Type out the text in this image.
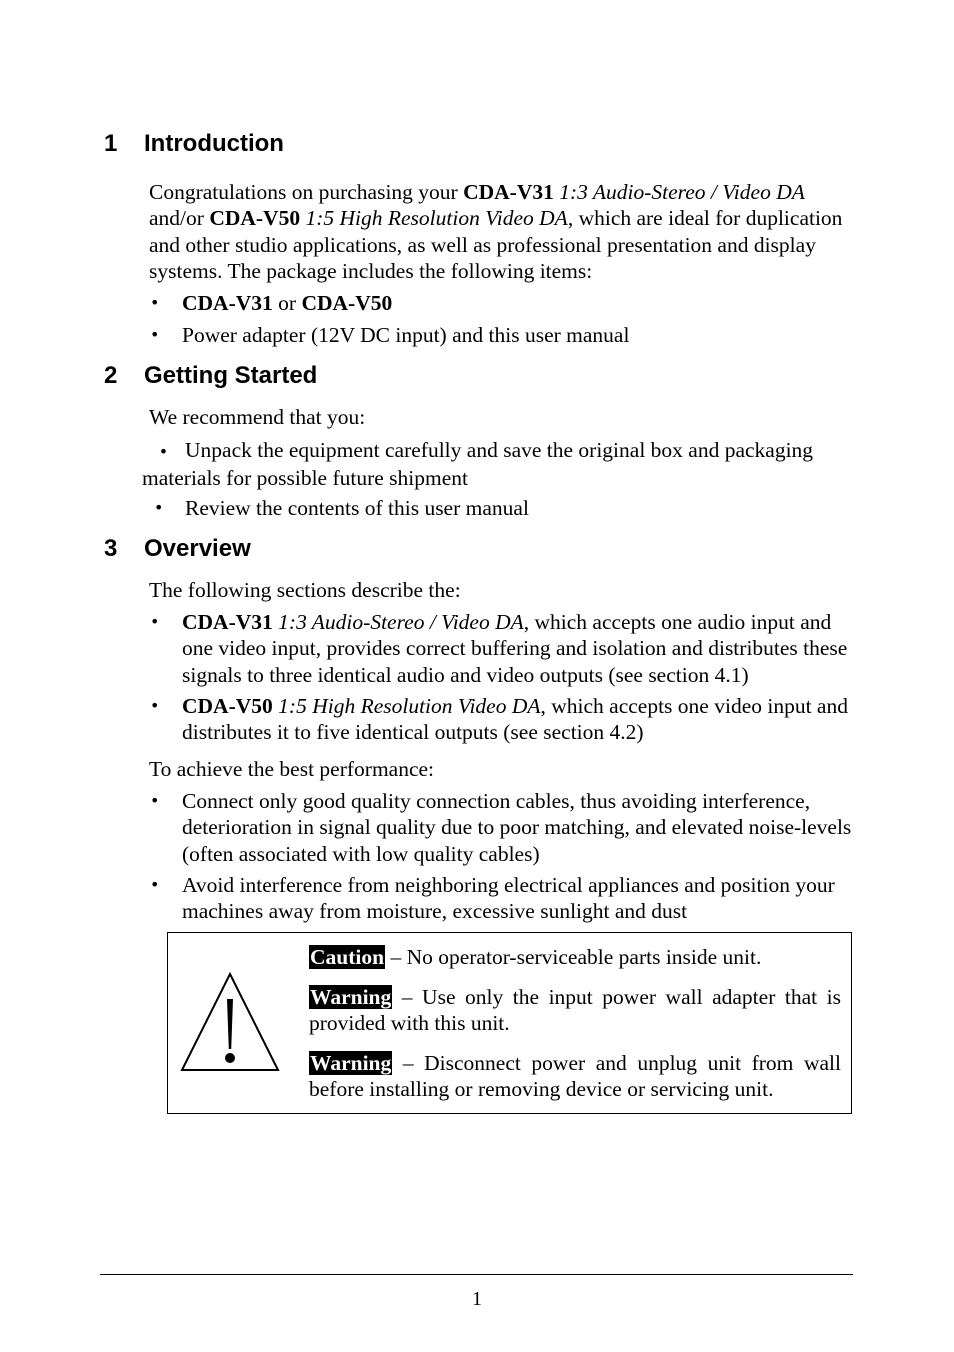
1 Introduction
Congratulations on purchasing your CDA-V31 1:3 Audio-Stereo / Video DA and/or CDA-V50 1:5 High Resolution Video DA, which are ideal for duplication and other studio applications, as well as professional presentation and display systems. The package includes the following items:
• CDA-V31 or CDA-V50
• Power adapter (12V DC input) and this user manual
2 Getting Started
We recommend that you:
• Unpack the equipment carefully and save the original box and packaging materials for possible future shipment
• Review the contents of this user manual
3 Overview
The following sections describe the:
• CDA-V31 1:3 Audio-Stereo / Video DA, which accepts one audio input and one video input, provides correct buffering and isolation and distributes these signals to three identical audio and video outputs (see section 4.1)
• CDA-V50 1:5 High Resolution Video DA, which accepts one video input and distributes it to five identical outputs (see section 4.2)
To achieve the best performance:
• Connect only good quality connection cables, thus avoiding interference, deterioration in signal quality due to poor matching, and elevated noise-levels (often associated with low quality cables)
• Avoid interference from neighboring electrical appliances and position your machines away from moisture, excessive sunlight and dust
Caution – No operator-serviceable parts inside unit.
Warning – Use only the input power wall adapter that is provided with this unit.
Warning – Disconnect power and unplug unit from wall before installing or removing device or servicing unit.
1
